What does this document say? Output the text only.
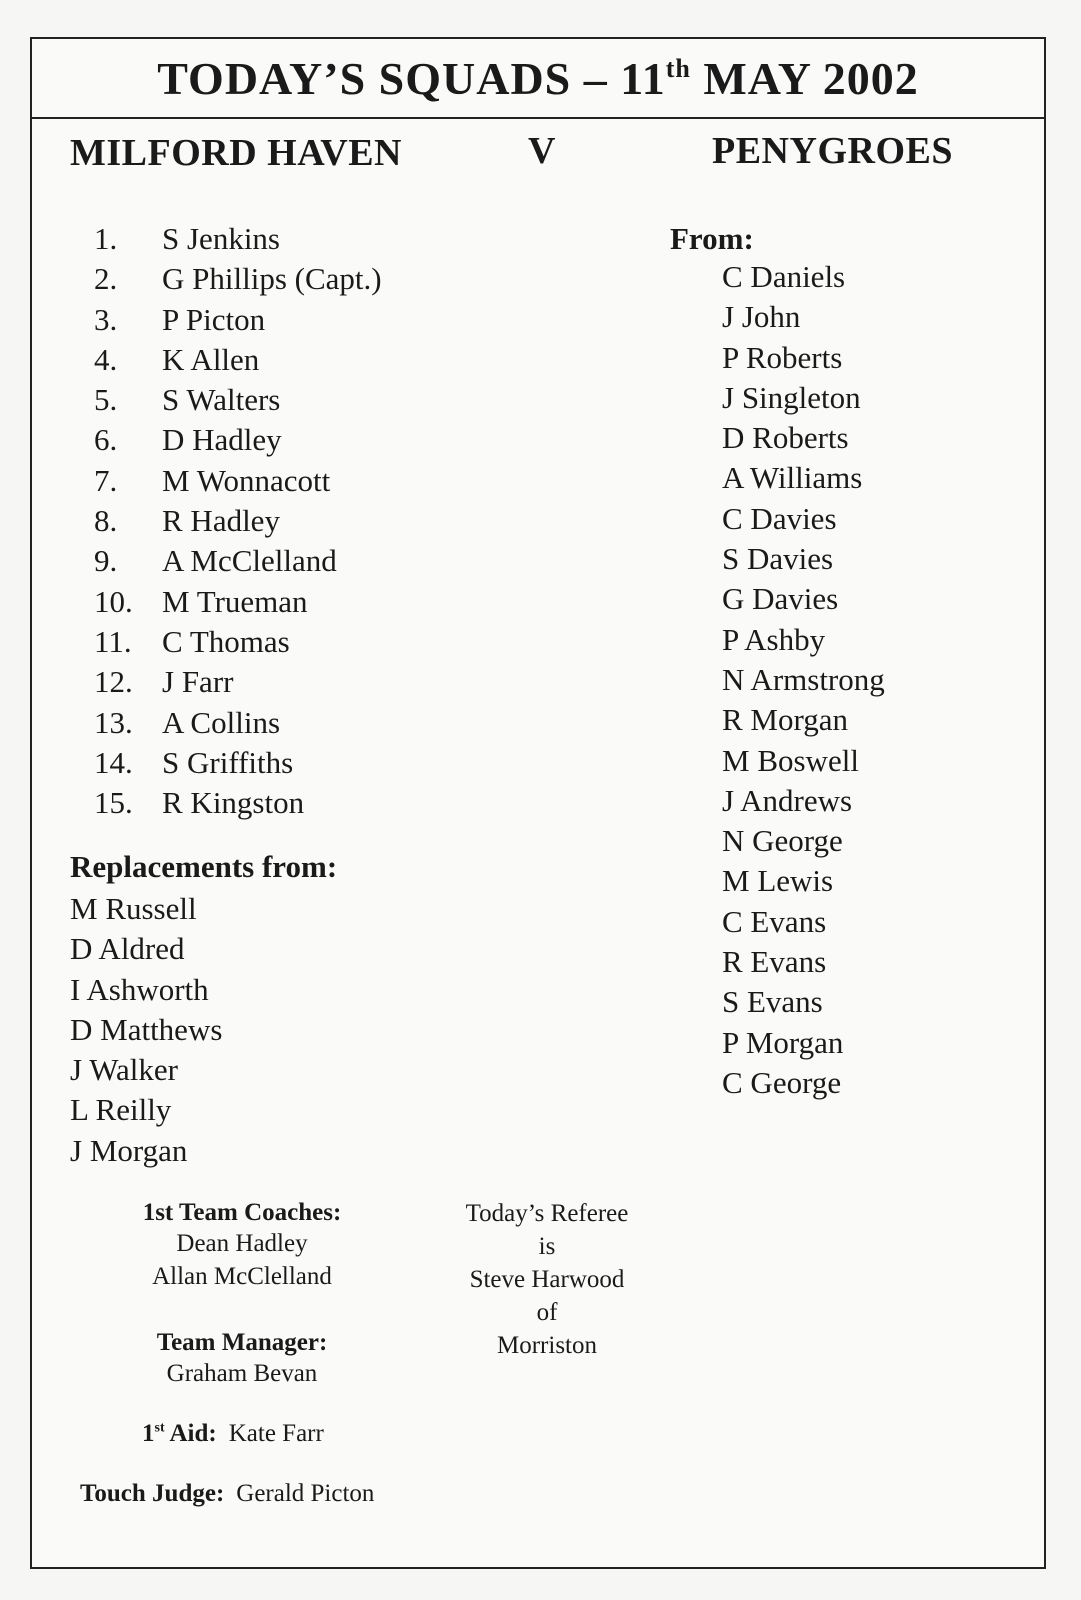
TODAY’S SQUADS – 11th MAY 2002
MILFORD HAVEN	V	PENYGROES
1. S Jenkins
2. G Phillips (Capt.)
3. P Picton
4. K Allen
5. S Walters
6. D Hadley
7. M Wonnacott
8. R Hadley
9. A McClelland
10. M Trueman
11. C Thomas
12. J Farr
13. A Collins
14. S Griffiths
15. R Kingston
Replacements from:
M Russell
D Aldred
I Ashworth
D Matthews
J Walker
L Reilly
J Morgan
From:
C Daniels
J John
P Roberts
J Singleton
D Roberts
A Williams
C Davies
S Davies
G Davies
P Ashby
N Armstrong
R Morgan
M Boswell
J Andrews
N George
M Lewis
C Evans
R Evans
S Evans
P Morgan
C George
1st Team Coaches:
Dean Hadley
Allan McClelland
Team Manager:
Graham Bevan
1st Aid: Kate Farr
Touch Judge: Gerald Picton
Today’s Referee
is
Steve Harwood
of
Morriston
